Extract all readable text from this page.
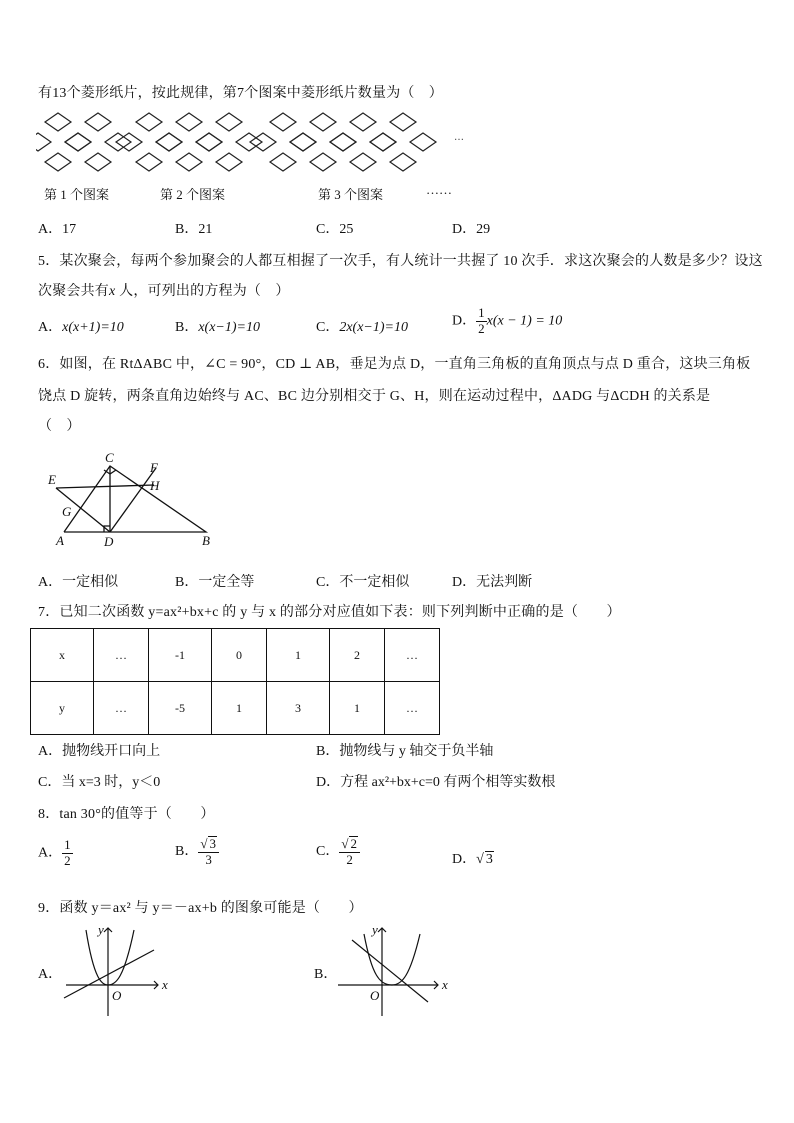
有13个菱形纸片，按此规律，第7个图案中菱形纸片数量为（　）
…
第 1 个图案	第 2 个图案	第 3 个图案	……
A．17	B．21	C．25	D．29
5．某次聚会，每两个参加聚会的人都互相握了一次手，有人统计一共握了 10 次手．求这次聚会的人数是多少？设这
次聚会共有x 人，可列出的方程为（　）
A．x(x+1)=10	B．x(x−1)=10	C．2x(x−1)=10	D． $\frac{1}{2} x(x - 1) = 10$
6．如图，在 RtΔABC 中，∠C = 90°，CD ⊥ AB，垂足为点 D，一直角三角板的直角顶点与点 D 重合，这块三角板
饶点 D 旋转，两条直角边始终与 AC、BC 边分别相交于 G、H，则在运动过程中，ΔADG 与ΔCDH 的关系是
（　）
C
F
E	H
G
A	D	B
A．一定相似	B．一定全等	C．不一定相似	D．无法判断
7．已知二次函数 y=ax²+bx+c 的 y 与 x 的部分对应值如下表：则下列判断中正确的是（　　）
x	…	-1	0	1	2	…
y	…	-5	1	3	1	…
A．抛物线开口向上	B．抛物线与 y 轴交于负半轴
C．当 x=3 时，y＜0	D．方程 ax²+bx+c=0 有两个相等实数根
8．tan 30°的值等于（　　）
A． $\frac{1}{2}$	B． $\frac{√ 3}{3}$	C． $\frac{√ 2}{2}$	D．√ 3
9．函数 y＝ax² 与 y＝－ax+b 的图象可能是（　　）
A．
y
x
O
B．
y
x
O
